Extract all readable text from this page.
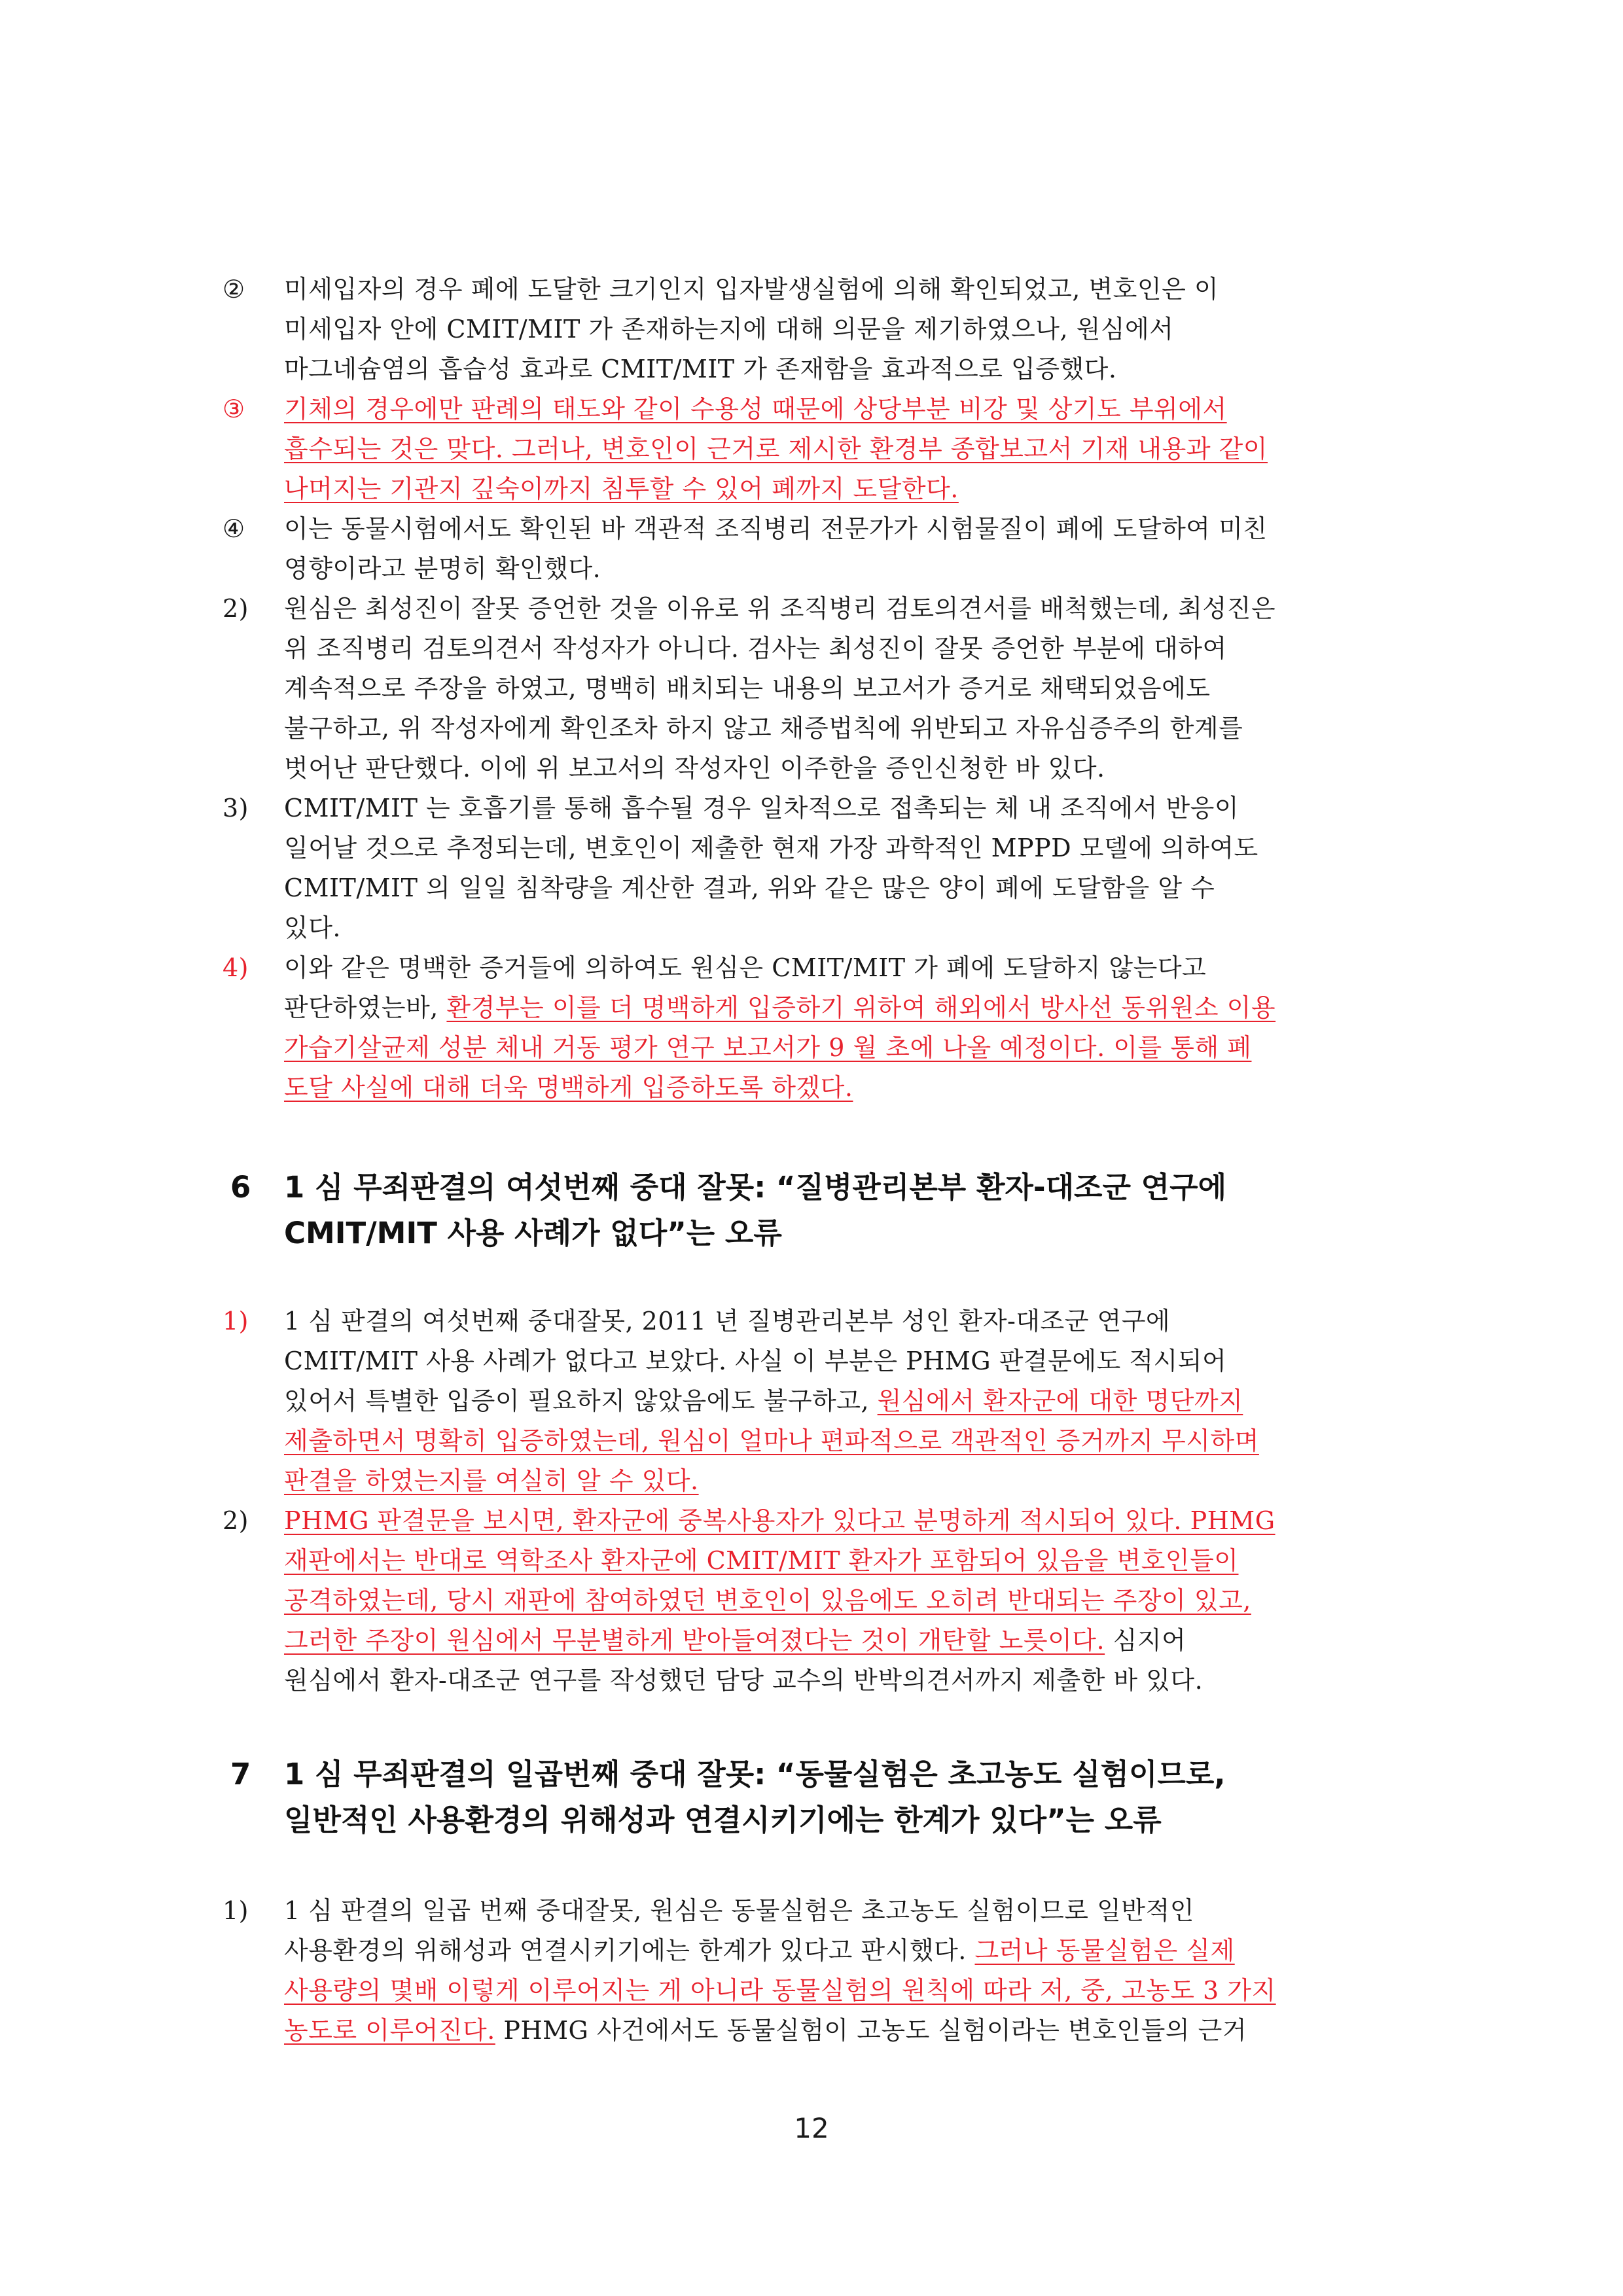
②	미세입자의 경우 폐에 도달한 크기인지 입자발생실험에 의해 확인되었고, 변호인은 이
미세입자 안에 CMIT/MIT 가 존재하는지에 대해 의문을 제기하였으나, 원심에서
마그네슘염의 흡습성 효과로 CMIT/MIT 가 존재함을 효과적으로 입증했다.
③	기체의 경우에만 판례의 태도와 같이 수용성 때문에 상당부분 비강 및 상기도 부위에서
흡수되는 것은 맞다. 그러나, 변호인이 근거로 제시한 환경부 종합보고서 기재 내용과 같이
나머지는 기관지 깊숙이까지 침투할 수 있어 폐까지 도달한다.
④	이는 동물시험에서도 확인된 바 객관적 조직병리 전문가가 시험물질이 폐에 도달하여 미친
영향이라고 분명히 확인했다.
2)	원심은 최성진이 잘못 증언한 것을 이유로 위 조직병리 검토의견서를 배척했는데, 최성진은
위 조직병리 검토의견서 작성자가 아니다. 검사는 최성진이 잘못 증언한 부분에 대하여
계속적으로 주장을 하였고, 명백히 배치되는 내용의 보고서가 증거로 채택되었음에도
불구하고, 위 작성자에게 확인조차 하지 않고 채증법칙에 위반되고 자유심증주의 한계를
벗어난 판단했다. 이에 위 보고서의 작성자인 이주한을 증인신청한 바 있다.
3)	CMIT/MIT 는 호흡기를 통해 흡수될 경우 일차적으로 접촉되는 체 내 조직에서 반응이
일어날 것으로 추정되는데, 변호인이 제출한 현재 가장 과학적인 MPPD 모델에 의하여도
CMIT/MIT 의 일일 침착량을 계산한 결과, 위와 같은 많은 양이 폐에 도달함을 알 수
있다.
4)	이와 같은 명백한 증거들에 의하여도 원심은 CMIT/MIT 가 폐에 도달하지 않는다고
판단하였는바, 환경부는 이를 더 명백하게 입증하기 위하여 해외에서 방사선 동위원소 이용
가습기살균제 성분 체내 거동 평가 연구 보고서가 9 월 초에 나올 예정이다. 이를 통해 폐
도달 사실에 대해 더욱 명백하게 입증하도록 하겠다.
6 1 심 무죄판결의 여섯번째 중대 잘못: “질병관리본부 환자-대조군 연구에
CMIT/MIT 사용 사례가 없다”는 오류
1)	1 심 판결의 여섯번째 중대잘못, 2011 년 질병관리본부 성인 환자-대조군 연구에
CMIT/MIT 사용 사례가 없다고 보았다. 사실 이 부분은 PHMG 판결문에도 적시되어
있어서 특별한 입증이 필요하지 않았음에도 불구하고, 원심에서 환자군에 대한 명단까지
제출하면서 명확히 입증하였는데, 원심이 얼마나 편파적으로 객관적인 증거까지 무시하며
판결을 하였는지를 여실히 알 수 있다.
2)	PHMG 판결문을 보시면, 환자군에 중복사용자가 있다고 분명하게 적시되어 있다. PHMG
재판에서는 반대로 역학조사 환자군에 CMIT/MIT 환자가 포함되어 있음을 변호인들이
공격하였는데, 당시 재판에 참여하였던 변호인이 있음에도 오히려 반대되는 주장이 있고,
그러한 주장이 원심에서 무분별하게 받아들여졌다는 것이 개탄할 노릇이다. 심지어
원심에서 환자-대조군 연구를 작성했던 담당 교수의 반박의견서까지 제출한 바 있다.
7 1 심 무죄판결의 일곱번째 중대 잘못: “동물실험은 초고농도 실험이므로,
일반적인 사용환경의 위해성과 연결시키기에는 한계가 있다”는 오류
1)	1 심 판결의 일곱 번째 중대잘못, 원심은 동물실험은 초고농도 실험이므로 일반적인
사용환경의 위해성과 연결시키기에는 한계가 있다고 판시했다. 그러나 동물실험은 실제
사용량의 몇배 이렇게 이루어지는 게 아니라 동물실험의 원칙에 따라 저, 중, 고농도 3 가지
농도로 이루어진다. PHMG 사건에서도 동물실험이 고농도 실험이라는 변호인들의 근거
12
